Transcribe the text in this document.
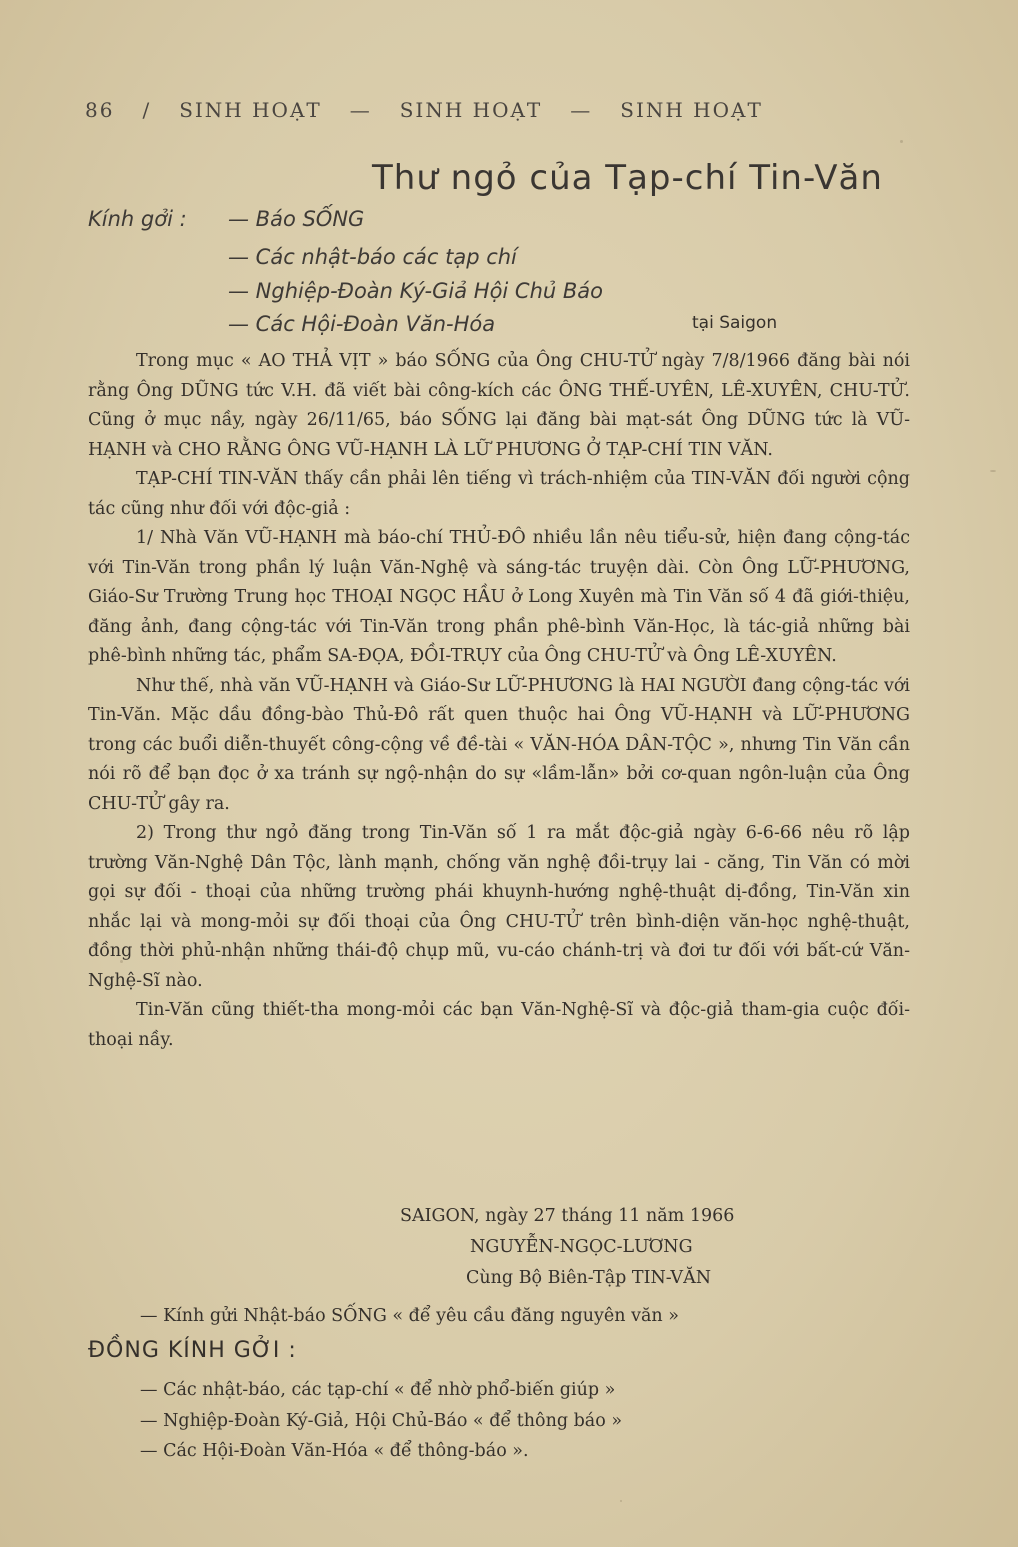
86 / SINH HOẠT — SINH HOẠT — SINH HOẠT
Thư ngỏ của Tạp-chí Tin-Văn
Kính gởi : — Báo SỐNG
— Các nhật-báo các tạp chí
— Nghiệp-Đoàn Ký-Giả Hội Chủ Báo
— Các Hội-Đoàn Văn-Hóa	tại Saigon

Trong mục « AO THẢ VỊT » báo SỐNG của Ông CHU-TỬ ngày 7/8/1966 đăng bài nói rằng Ông DŨNG tức V.H. đã viết bài công-kích các ÔNG THẾ-UYÊN, LÊ-XUYÊN, CHU-TỬ. Cũng ở mục nầy, ngày 26/11/65, báo SỐNG lại đăng bài mạt-sát Ông DŨNG tức là VŨ-HẠNH và CHO RẰNG ÔNG VŨ-HẠNH LÀ LỮ PHƯƠNG Ở TẠP-CHÍ TIN VĂN.

TẠP-CHÍ TIN-VĂN thấy cần phải lên tiếng vì trách-nhiệm của TIN-VĂN đối người cộng tác cũng như đối với độc-giả :

1/ Nhà Văn VŨ-HẠNH mà báo-chí THỦ-ĐÔ nhiều lần nêu tiểu-sử, hiện đang cộng-tác với Tin-Văn trong phần lý luận Văn-Nghệ và sáng-tác truyện dài. Còn Ông LỮ-PHƯƠNG, Giáo-Sư Trường Trung học THOẠI NGỌC HẦU ở Long Xuyên mà Tin Văn số 4 đã giới-thiệu, đăng ảnh, đang cộng-tác với Tin-Văn trong phần phê-bình Văn-Học, là tác-giả những bài phê-bình những tác, phẩm SA-ĐỌA, ĐỒI-TRỤY của Ông CHU-TỬ và Ông LÊ-XUYÊN.

Như thế, nhà văn VŨ-HẠNH và Giáo-Sư LỮ-PHƯƠNG là HAI NGƯỜI đang cộng-tác với Tin-Văn. Mặc dầu đồng-bào Thủ-Đô rất quen thuộc hai Ông VŨ-HẠNH và LỮ-PHƯƠNG trong các buổi diễn-thuyết công-cộng về đề-tài « VĂN-HÓA DÂN-TỘC », nhưng Tin Văn cần nói rõ để bạn đọc ở xa tránh sự ngộ-nhận do sự «lầm-lẫn» bởi cơ-quan ngôn-luận của Ông CHU-TỬ gây ra.

2) Trong thư ngỏ đăng trong Tin-Văn số 1 ra mắt độc-giả ngày 6-6-66 nêu rõ lập trường Văn-Nghệ Dân Tộc, lành mạnh, chống văn nghệ đồi-trụy lai - căng, Tin Văn có mời gọi sự đối - thoại của những trường phái khuynh-hướng nghệ-thuật dị-đồng, Tin-Văn xin nhắc lại và mong-mỏi sự đối thoại của Ông CHU-TỬ trên bình-diện văn-học nghệ-thuật, đồng thời phủ-nhận những thái-độ chụp mũ, vu-cáo chánh-trị và đơi tư đối với bất-cứ Văn-Nghệ-Sĩ nào.

Tin-Văn cũng thiết-tha mong-mỏi các bạn Văn-Nghệ-Sĩ và độc-giả tham-gia cuộc đối-thoại nầy.

SAIGON, ngày 27 tháng 11 năm 1966
NGUYỄN-NGỌC-LƯƠNG
Cùng Bộ Biên-Tập TIN-VĂN
— Kính gửi Nhật-báo SỐNG « để yêu cầu đăng nguyên văn »
ĐỒNG KÍNH GỞI :
— Các nhật-báo, các tạp-chí « để nhờ phổ-biến giúp »
— Nghiệp-Đoàn Ký-Giả, Hội Chủ-Báo « để thông báo »
— Các Hội-Đoàn Văn-Hóa « để thông-báo ».
